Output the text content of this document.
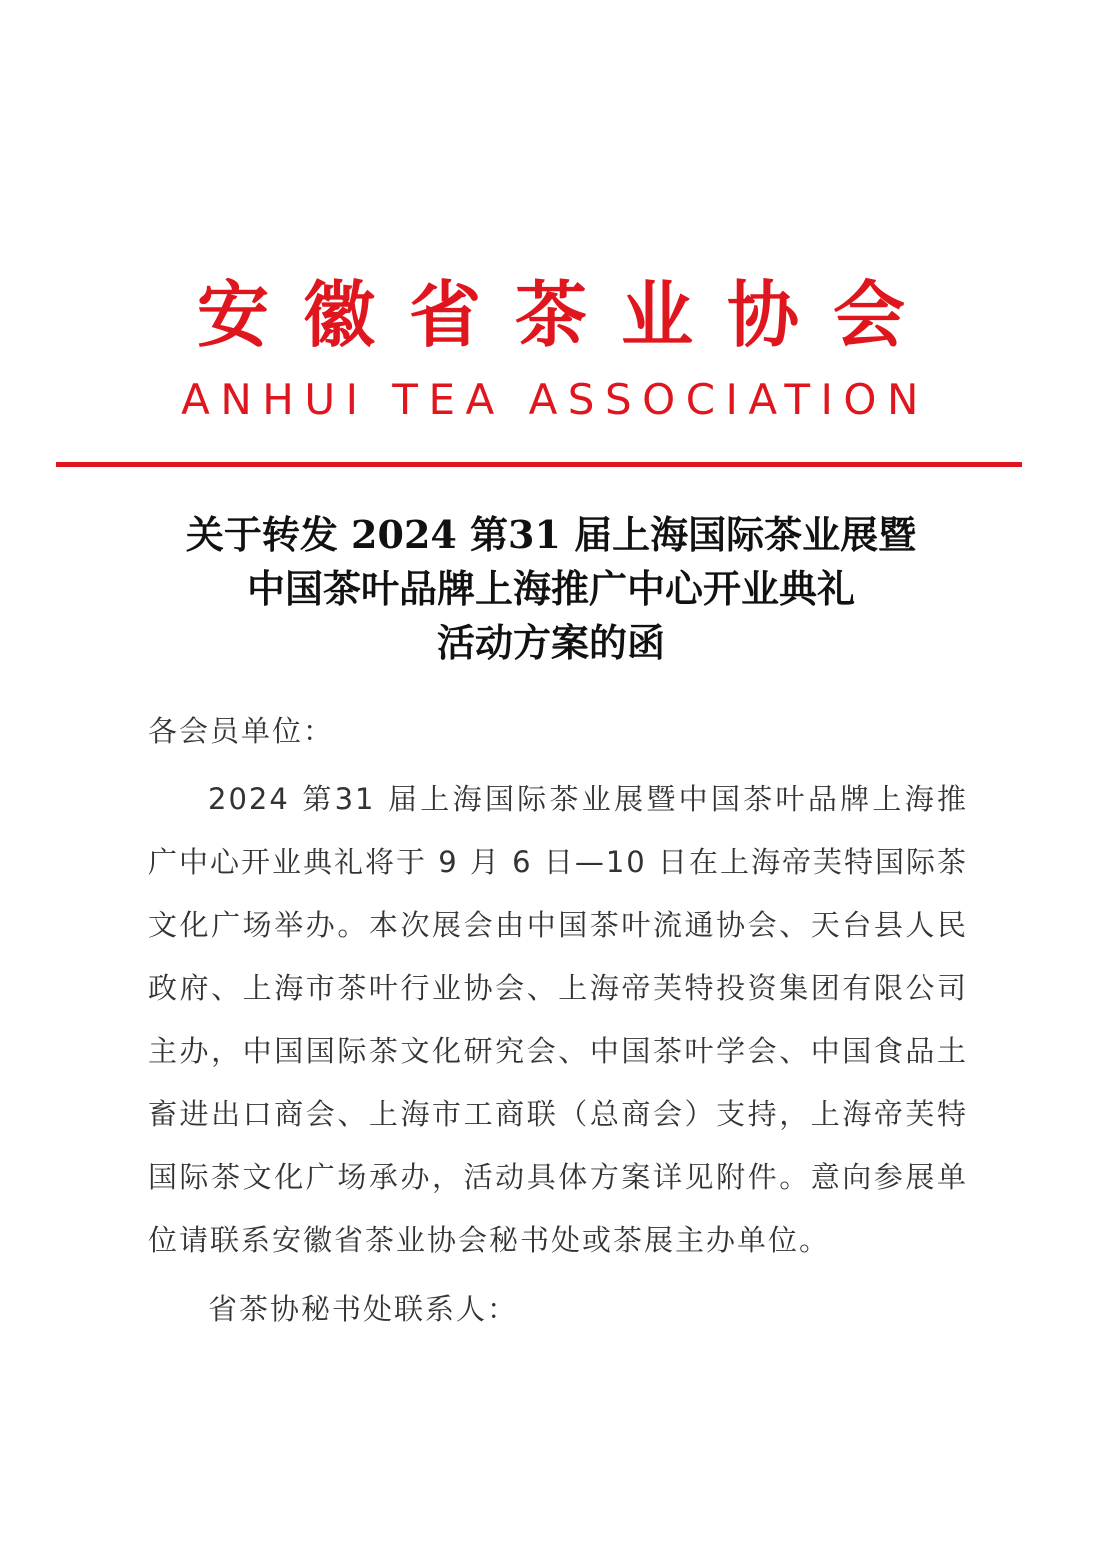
安徽省茶业协会
ANHUI TEA ASSOCIATION
关于转发 2024 第31 届上海国际茶业展暨
中国茶叶品牌上海推广中心开业典礼
活动方案的函
各会员单位：
2024 第31 届上海国际茶业展暨中国茶叶品牌上海推广中心开业典礼将于 9 月 6 日—10 日在上海帝芙特国际茶文化广场举办。本次展会由中国茶叶流通协会、天台县人民政府、上海市茶叶行业协会、上海帝芙特投资集团有限公司主办，中国国际茶文化研究会、中国茶叶学会、中国食品土畜进出口商会、上海市工商联（总商会）支持，上海帝芙特国际茶文化广场承办，活动具体方案详见附件。意向参展单位请联系安徽省茶业协会秘书处或茶展主办单位。
省茶协秘书处联系人：
